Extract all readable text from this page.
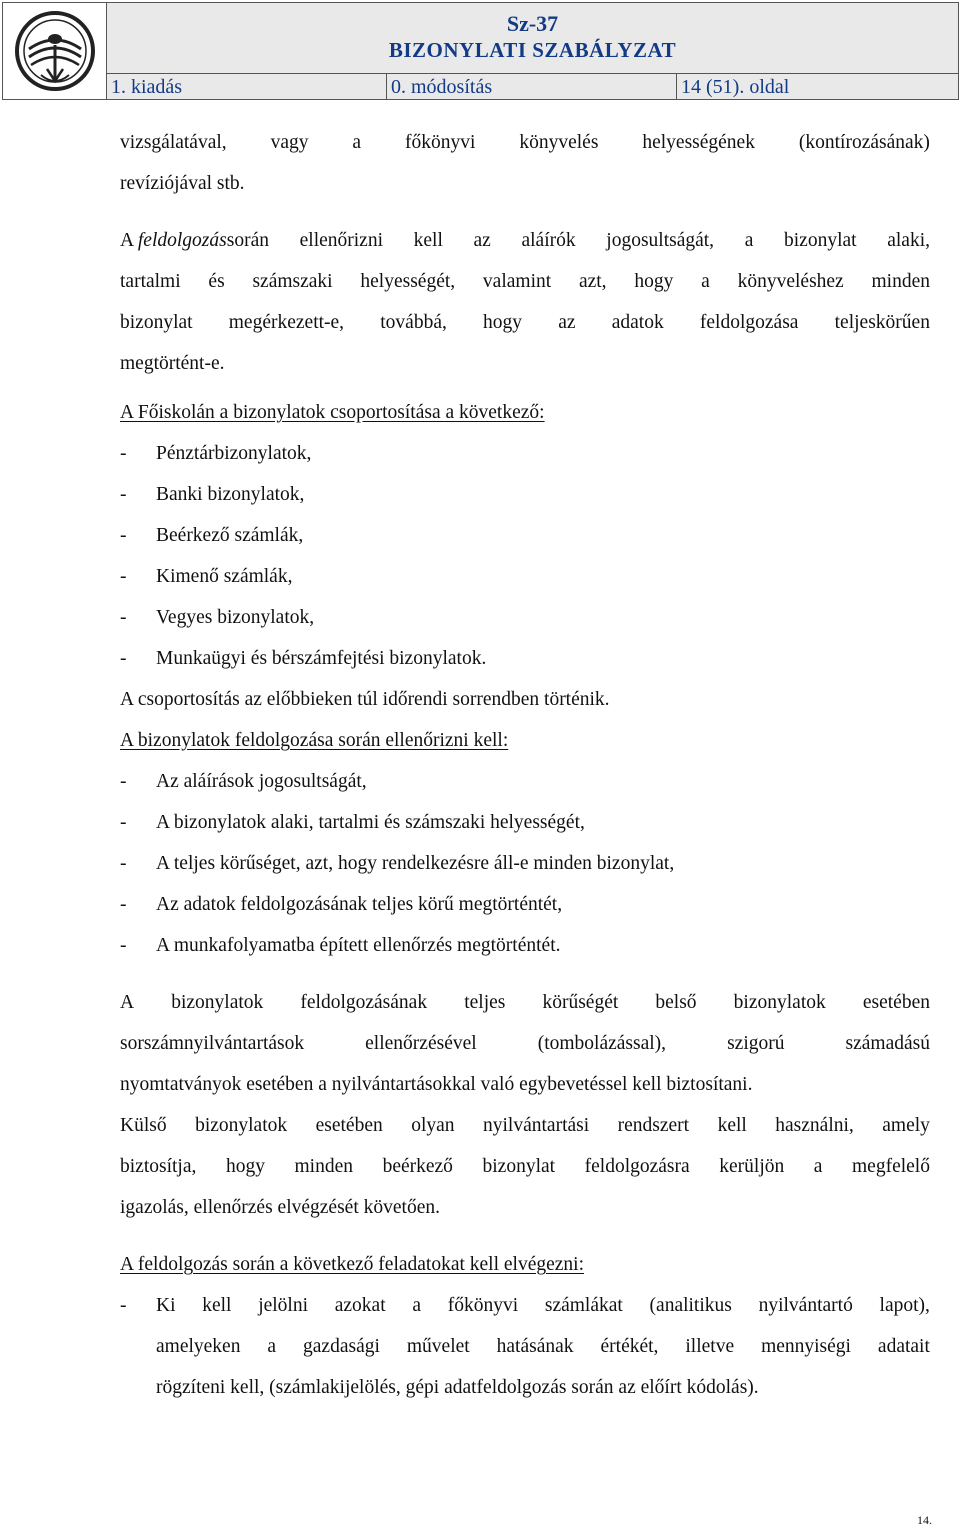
Sz-37
BIZONYLATI SZABÁLYZAT
1. kiadás	0. módosítás	14 (51). oldal
vizsgálatával, vagy a főkönyvi könyvelés helyességének (kontírozásának)
revíziójával stb.
A feldolgozás során ellenőrizni kell az aláírók jogosultságát, a bizonylat alaki,
tartalmi és számszaki helyességét, valamint azt, hogy a könyveléshez minden
bizonylat megérkezett-e, továbbá, hogy az adatok feldolgozása teljeskörűen
megtörtént-e.
A Főiskolán a bizonylatok csoportosítása a következő:
- Pénztárbizonylatok,
- Banki bizonylatok,
- Beérkező számlák,
- Kimenő számlák,
- Vegyes bizonylatok,
- Munkaügyi és bérszámfejtési bizonylatok.
A csoportosítás az előbbieken túl időrendi sorrendben történik.
A bizonylatok feldolgozása során ellenőrizni kell:
- Az aláírások jogosultságát,
- A bizonylatok alaki, tartalmi és számszaki helyességét,
- A teljes körűséget, azt, hogy rendelkezésre áll-e minden bizonylat,
- Az adatok feldolgozásának teljes körű megtörténtét,
- A munkafolyamatba épített ellenőrzés megtörténtét.
A bizonylatok feldolgozásának teljes körűségét belső bizonylatok esetében
sorszámnyilvántartások	ellenőrzésével	(tombolázással),	szigorú	számadású
nyomtatványok esetében a nyilvántartásokkal való egybevetéssel kell biztosítani.
Külső bizonylatok esetében olyan nyilvántartási rendszert kell használni, amely
biztosítja, hogy minden beérkező bizonylat feldolgozásra kerüljön a megfelelő
igazolás, ellenőrzés elvégzését követően.
A feldolgozás során a következő feladatokat kell elvégezni:
- Ki kell jelölni azokat a főkönyvi számlákat (analitikus nyilvántartó lapot),
amelyeken a gazdasági művelet hatásának értékét, illetve mennyiségi adatait
rögzíteni kell, (számlakijelölés, gépi adatfeldolgozás során az előírt kódolás).
14.
